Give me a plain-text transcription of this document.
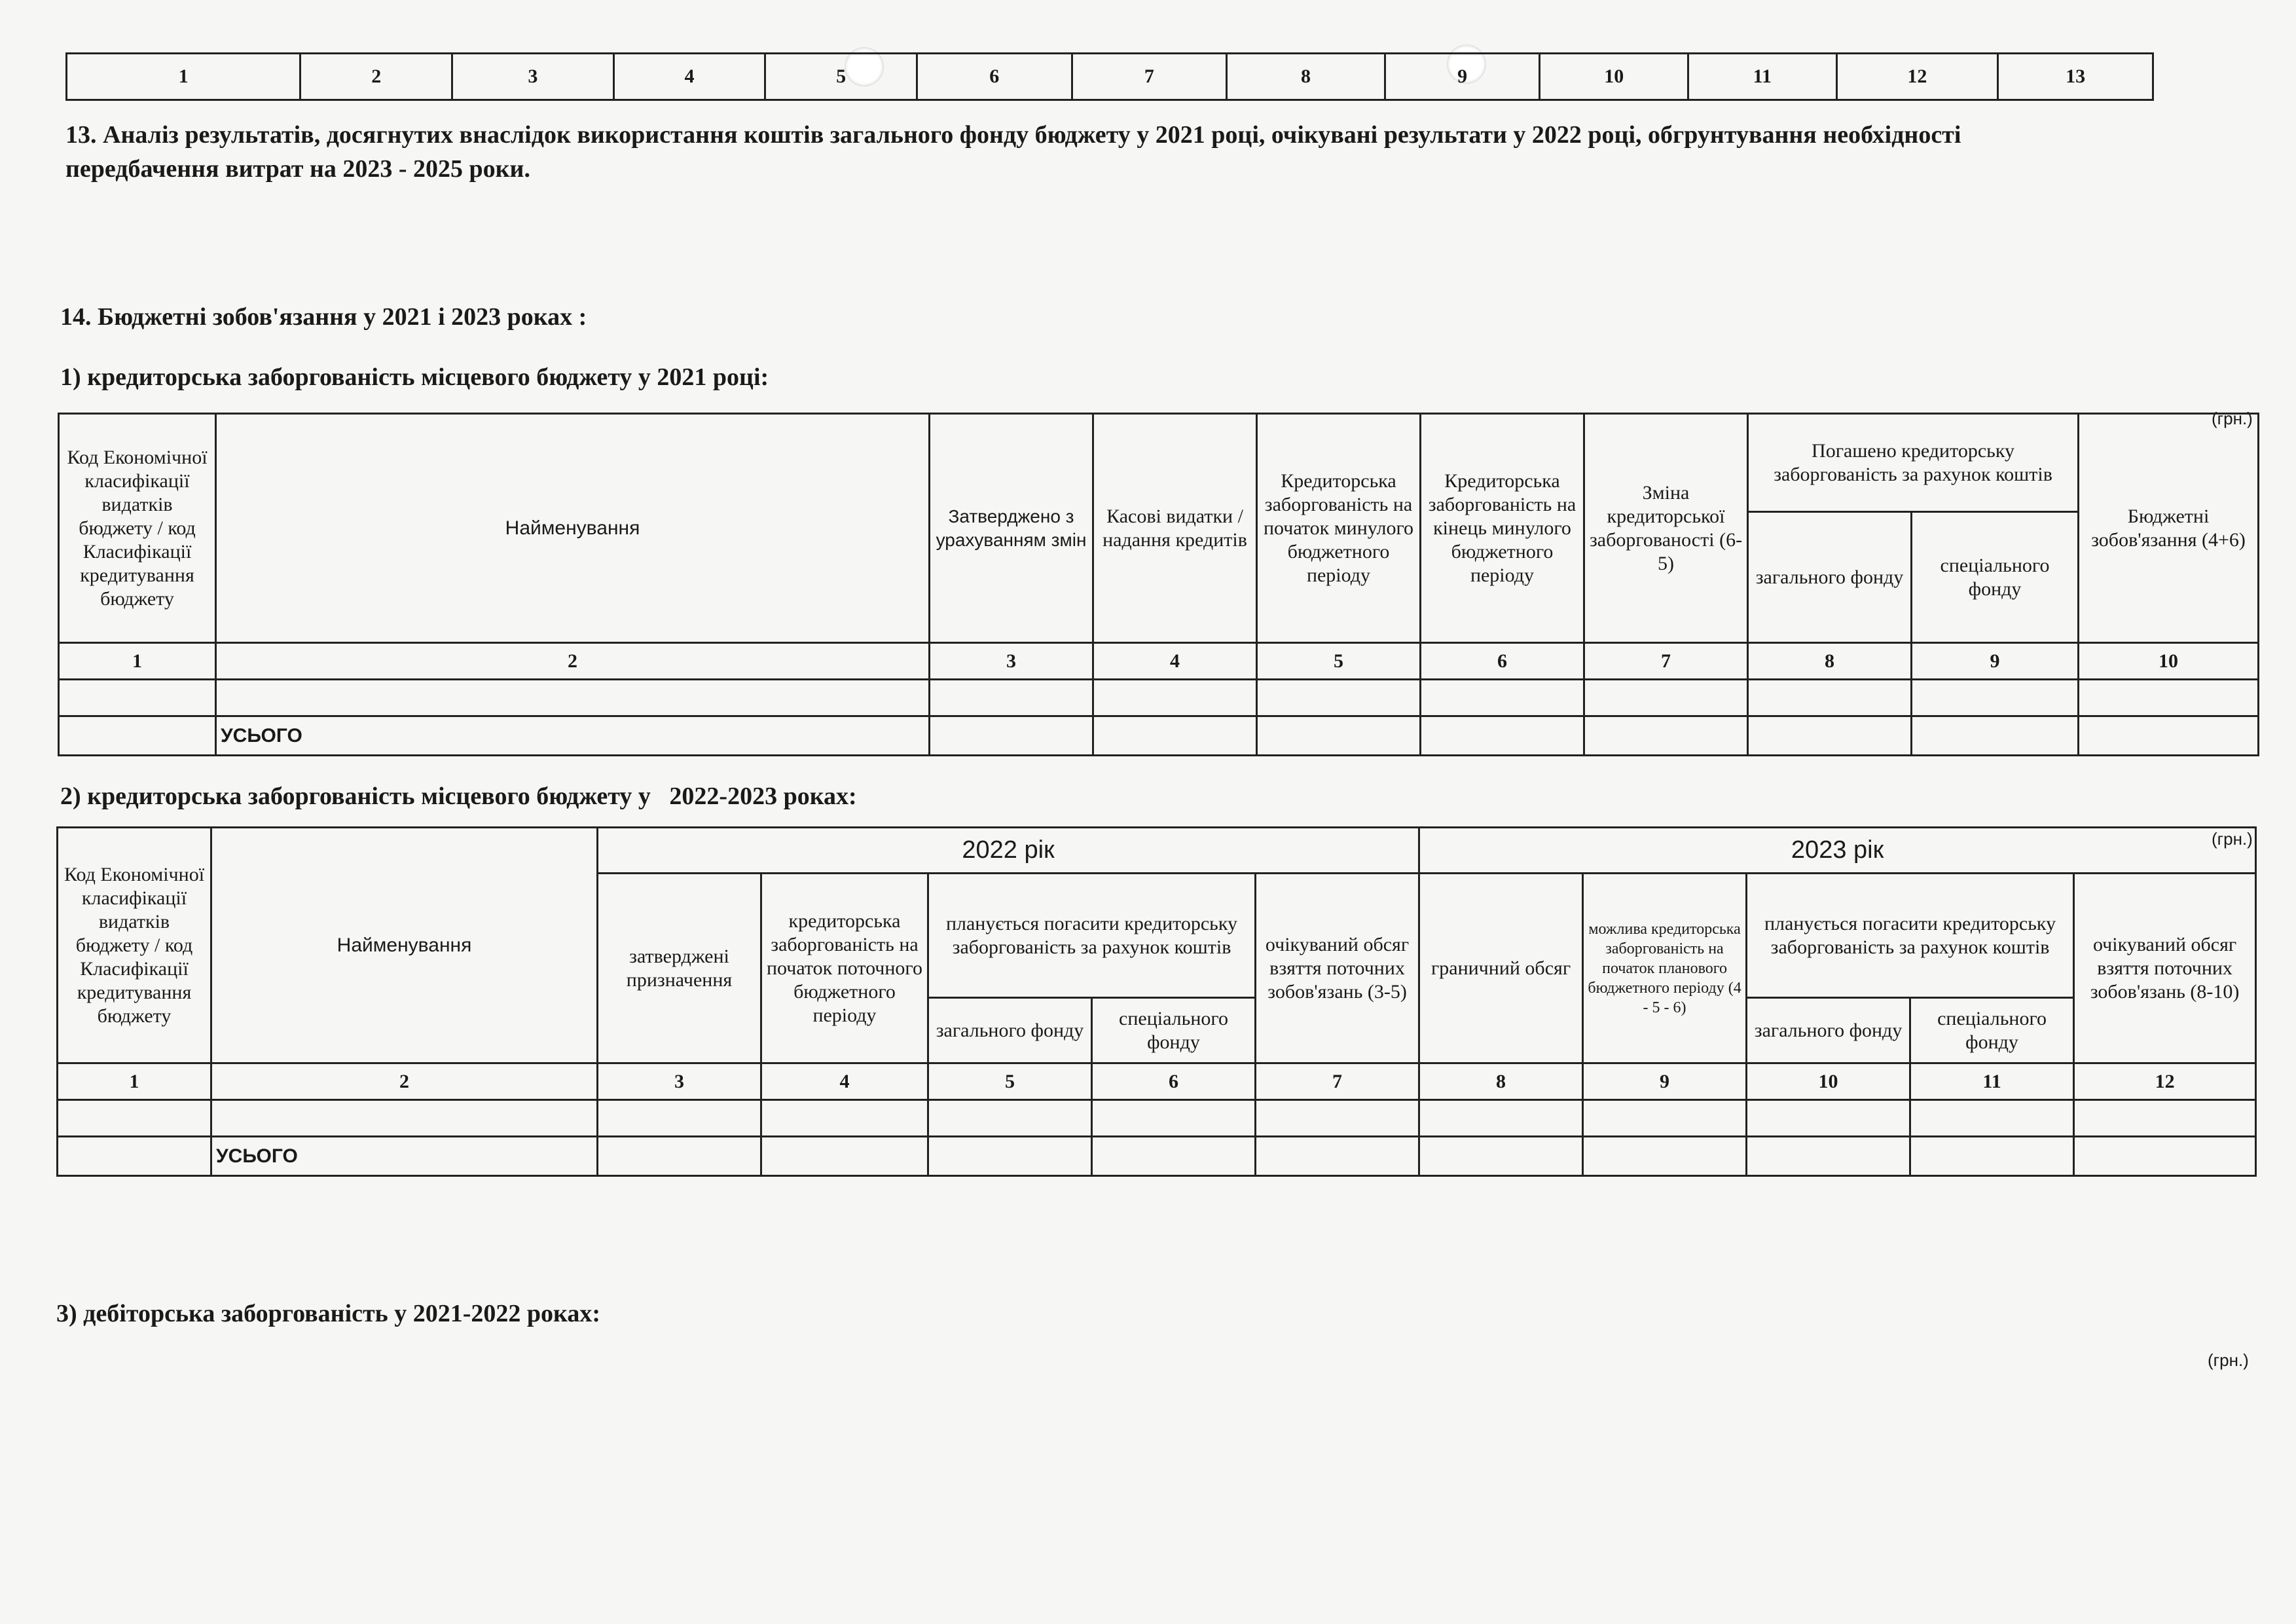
1	2	3	4	5	6	7	8	9	10	11	12	13
13. Аналіз результатів, досягнутих внаслідок використання коштів загального фонду бюджету у 2021 році, очікувані результати у 2022 році, обгрунтування необхідності
передбачення витрат на 2023 - 2025 роки.
14. Бюджетні зобов'язання у 2021 і 2023 роках :
1) кредиторська заборгованість місцевого бюджету у 2021 році:
(грн.)
Код Економічної класифікації видатків бюджету / код Класифікації кредитування бюджету	Найменування	Затверджено з урахуванням змін	Касові видатки / надання кредитів	Кредиторська заборгованість на початок минулого бюджетного періоду	Кредиторська заборгованість на кінець минулого бюджетного періоду	Зміна кредиторської заборгованості (6-5)	Погашено кредиторську заборгованість за рахунок коштів		Бюджетні зобов'язання (4+6)
							загального фонду	спеціального фонду	
1	2	3	4	5	6	7	8	9	10

	УСЬОГО								
2) кредиторська заборгованість місцевого бюджету у   2022-2023 роках:
(грн.)
Код Економічної класифікації видатків бюджету / код Класифікації кредитування бюджету	Найменування	2022 рік					2023 рік				
		затверджені призначення	кредиторська заборгованість на початок поточного бюджетного періоду	планується погасити кредиторську заборгованість за рахунок коштів		очікуваний обсяг взяття поточних зобов'язань (3-5)	граничний обсяг	можлива кредиторська заборгованість на початок планового бюджетного періоду (4 - 5 - 6)	планується погасити кредиторську заборгованість за рахунок коштів		очікуваний обсяг взяття поточних зобов'язань (8-10)
				загального фонду	спеціального фонду				загального фонду	спеціального фонду	
1	2	3	4	5	6	7	8	9	10	11	12

	УСЬОГО										
3) дебіторська заборгованість у 2021-2022 роках:
(грн.)
